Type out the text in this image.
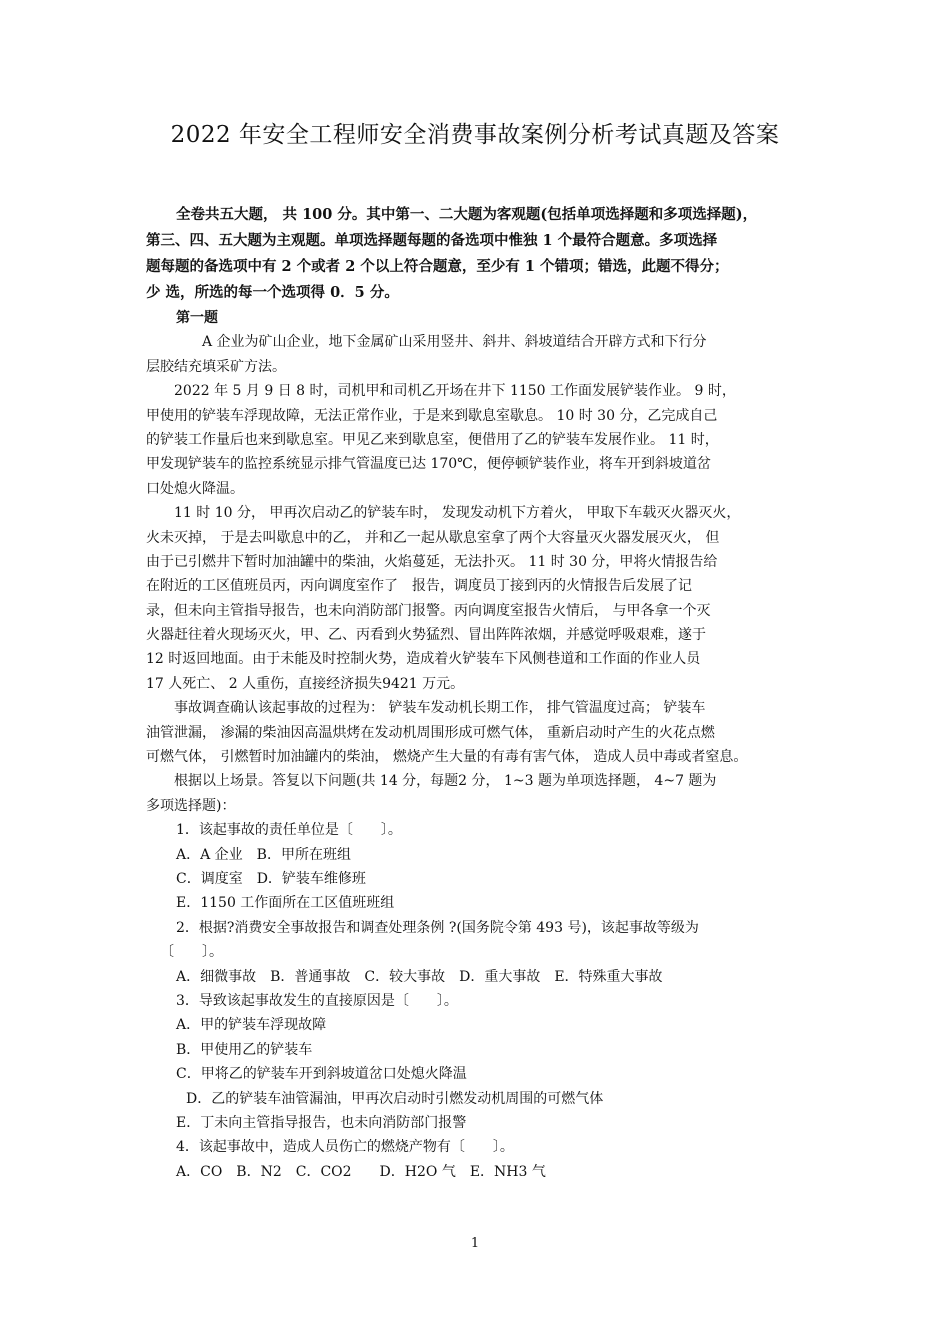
2022 年安全工程师安全消费事故案例分析考试真题及答案
全卷共五大题， 共 100 分。其中第一、二大题为客观题(包括单项选择题和多项选择题)，
第三、四、五大题为主观题。单项选择题每题的备选项中惟独 1 个最符合题意。多项选择
题每题的备选项中有 2 个或者 2 个以上符合题意，至少有 1 个错项；错选，此题不得分；
少 选，所选的每一个选项得 0．5 分。
第一题
A 企业为矿山企业，地下金属矿山采用竖井、斜井、斜坡道结合开辟方式和下行分
层胶结充填采矿方法。
2022 年 5 月 9 日 8 时，司机甲和司机乙开场在井下 1150 工作面发展铲装作业。 9 时，
甲使用的铲装车浮现故障，无法正常作业，于是来到歇息室歇息。 10 时 30 分，乙完成自己
的铲装工作量后也来到歇息室。甲见乙来到歇息室，便借用了乙的铲装车发展作业。 11 时，
甲发现铲装车的监控系统显示排气管温度已达 170℃，便停顿铲装作业，将车开到斜坡道岔
口处熄火降温。
11 时 10 分， 甲再次启动乙的铲装车时， 发现发动机下方着火， 甲取下车载灭火器灭火，
火未灭掉， 于是去叫歇息中的乙， 并和乙一起从歇息室拿了两个大容量灭火器发展灭火， 但
由于已引燃井下暂时加油罐中的柴油，火焰蔓延，无法扑灭。 11 时 30 分，甲将火情报告给
在附近的工区值班员丙，丙向调度室作了　报告，调度员丁接到丙的火情报告后发展了记
录，但未向主管指导报告，也未向消防部门报警。丙向调度室报告火情后， 与甲各拿一个灭
火器赶往着火现场灭火，甲、乙、丙看到火势猛烈、冒出阵阵浓烟，并感觉呼吸艰难，遂于
12 时返回地面。由于未能及时控制火势，造成着火铲装车下风侧巷道和工作面的作业人员
17 人死亡、 2 人重伤，直接经济损失9421 万元。
事故调查确认该起事故的过程为： 铲装车发动机长期工作， 排气管温度过高； 铲装车
油管泄漏， 渗漏的柴油因高温烘烤在发动机周围形成可燃气体， 重新启动时产生的火花点燃
可燃气体， 引燃暂时加油罐内的柴油， 燃烧产生大量的有毒有害气体， 造成人员中毒或者窒息。
根据以上场景。答复以下问题(共 14 分，每题2 分， 1~3 题为单项选择题， 4~7 题为
多项选择题)：
1．该起事故的责任单位是〔　　〕。
A．A 企业　B．甲所在班组
C．调度室　D．铲装车维修班
E．1150 工作面所在工区值班班组
2．根据?消费安全事故报告和调查处理条例 ?(国务院令第 493 号)，该起事故等级为
〔　　〕。
A．细微事故　B．普通事故　C．较大事故　D．重大事故　E．特殊重大事故
3．导致该起事故发生的直接原因是〔　　〕。
A．甲的铲装车浮现故障
B．甲使用乙的铲装车
C．甲将乙的铲装车开到斜坡道岔口处熄火降温
D．乙的铲装车油管漏油，甲再次启动时引燃发动机周围的可燃气体
E．丁未向主管指导报告，也未向消防部门报警
4．该起事故中，造成人员伤亡的燃烧产物有〔　　〕。
A．CO　B．N2　C．CO2　　D．H2O 气　E．NH3 气
1
